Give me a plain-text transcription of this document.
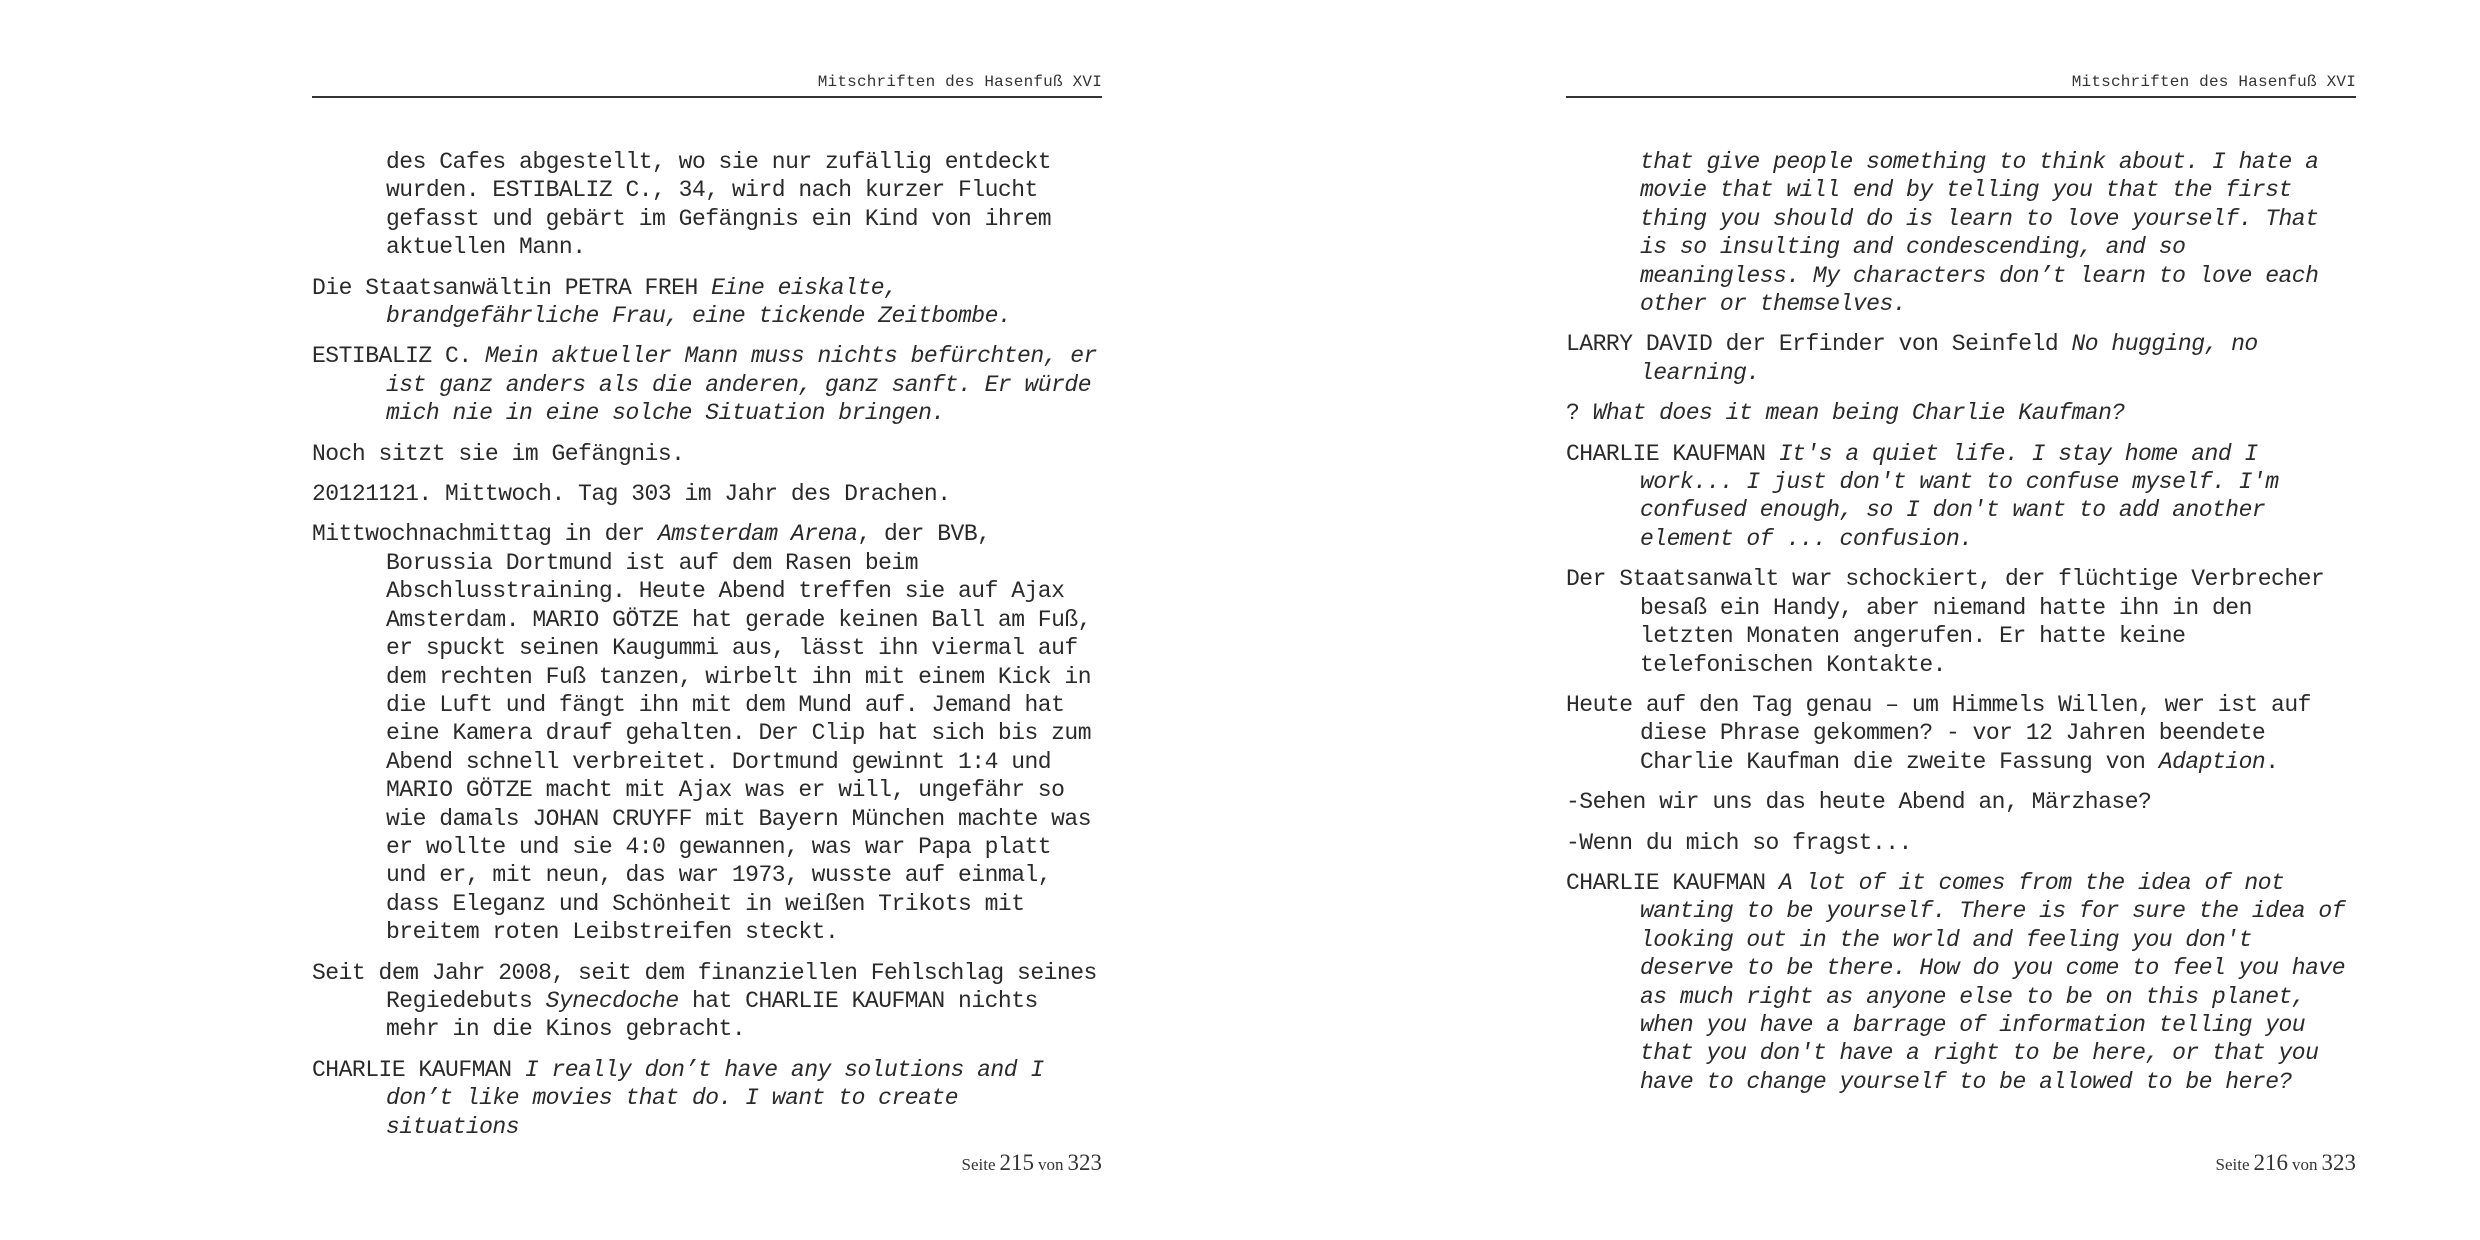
Mitschriften des Hasenfuß XVI

des Cafes abgestellt, wo sie nur zufällig entdeckt wurden. ESTIBALIZ C., 34, wird nach kurzer Flucht gefasst und gebärt im Gefängnis ein Kind von ihrem aktuellen Mann.

Die Staatsanwältin PETRA FREH Eine eiskalte, brandgefährliche Frau, eine tickende Zeitbombe.

ESTIBALIZ C. Mein aktueller Mann muss nichts befürchten, er ist ganz anders als die anderen, ganz sanft. Er würde mich nie in eine solche Situation bringen.

Noch sitzt sie im Gefängnis.

20121121. Mittwoch. Tag 303 im Jahr des Drachen.

Mittwochnachmittag in der Amsterdam Arena, der BVB, Borussia Dortmund ist auf dem Rasen beim Abschlusstraining. Heute Abend treffen sie auf Ajax Amsterdam. MARIO GÖTZE hat gerade keinen Ball am Fuß, er spuckt seinen Kaugummi aus, lässt ihn viermal auf dem rechten Fuß tanzen, wirbelt ihn mit einem Kick in die Luft und fängt ihn mit dem Mund auf. Jemand hat eine Kamera drauf gehalten. Der Clip hat sich bis zum Abend schnell verbreitet. Dortmund gewinnt 1:4 und MARIO GÖTZE macht mit Ajax was er will, ungefähr so wie damals JOHAN CRUYFF mit Bayern München machte was er wollte und sie 4:0 gewannen, was war Papa platt und er, mit neun, das war 1973, wusste auf einmal, dass Eleganz und Schönheit in weißen Trikots mit breitem roten Leibstreifen steckt.

Seit dem Jahr 2008, seit dem finanziellen Fehlschlag seines Regiedebuts Synecdoche hat CHARLIE KAUFMAN nichts mehr in die Kinos gebracht.

CHARLIE KAUFMAN I really don’t have any solutions and I don’t like movies that do. I want to create situations

Seite 215 von 323
Mitschriften des Hasenfuß XVI

that give people something to think about. I hate a movie that will end by telling you that the first thing you should do is learn to love yourself. That is so insulting and condescending, and so meaningless. My characters don’t learn to love each other or themselves.

LARRY DAVID der Erfinder von Seinfeld No hugging, no learning.

? What does it mean being Charlie Kaufman?

CHARLIE KAUFMAN It's a quiet life. I stay home and I work... I just don't want to confuse myself. I'm confused enough, so I don't want to add another element of ... confusion.

Der Staatsanwalt war schockiert, der flüchtige Verbrecher besaß ein Handy, aber niemand hatte ihn in den letzten Monaten angerufen. Er hatte keine telefonischen Kontakte.

Heute auf den Tag genau – um Himmels Willen, wer ist auf diese Phrase gekommen? - vor 12 Jahren beendete Charlie Kaufman die zweite Fassung von Adaption.

-Sehen wir uns das heute Abend an, Märzhase?

-Wenn du mich so fragst...

CHARLIE KAUFMAN A lot of it comes from the idea of not wanting to be yourself. There is for sure the idea of looking out in the world and feeling you don't deserve to be there. How do you come to feel you have as much right as anyone else to be on this planet, when you have a barrage of information telling you that you don't have a right to be here, or that you have to change yourself to be allowed to be here?

Seite 216 von 323
